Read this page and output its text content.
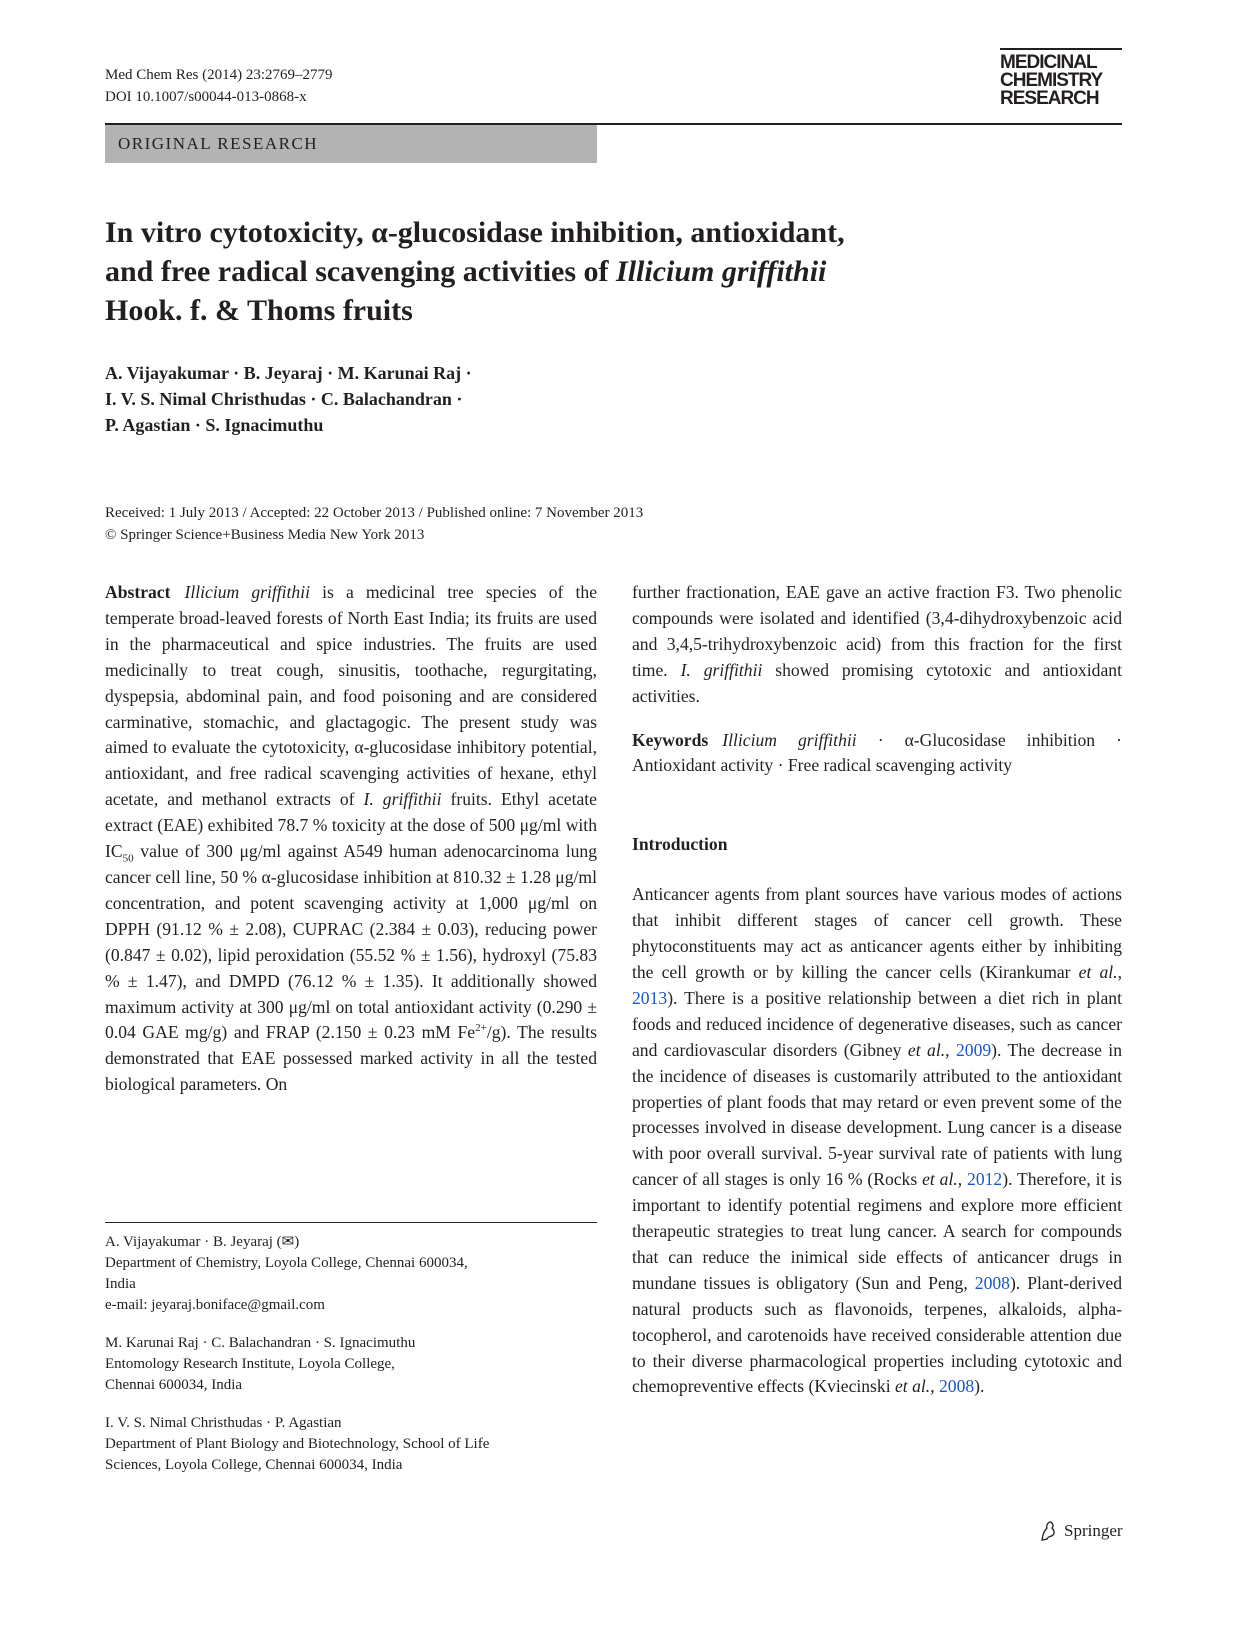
Med Chem Res (2014) 23:2769–2779
DOI 10.1007/s00044-013-0868-x
MEDICINAL
CHEMISTRY
RESEARCH
ORIGINAL RESEARCH
In vitro cytotoxicity, α-glucosidase inhibition, antioxidant,
and free radical scavenging activities of Illicium griffithii
Hook. f. & Thoms fruits
A. Vijayakumar · B. Jeyaraj · M. Karunai Raj ·
I. V. S. Nimal Christhudas · C. Balachandran ·
P. Agastian · S. Ignacimuthu
Received: 1 July 2013 / Accepted: 22 October 2013 / Published online: 7 November 2013
© Springer Science+Business Media New York 2013

Abstract Illicium griffithii is a medicinal tree species of the temperate broad-leaved forests of North East India; its fruits are used in the pharmaceutical and spice industries. The fruits are used medicinally to treat cough, sinusitis, toothache, regurgitating, dyspepsia, abdominal pain, and food poisoning and are considered carminative, stomachic, and glactagogic. The present study was aimed to evaluate the cytotoxicity, α-glucosidase inhibitory potential, antioxidant, and free radical scavenging activities of hexane, ethyl acetate, and methanol extracts of I. griffithii fruits. Ethyl acetate extract (EAE) exhibited 78.7 % toxicity at the dose of 500 μg/ml with $IC_{50}$ value of 300 μg/ml against A549 human adenocarcinoma lung cancer cell line, 50 % α-glucosidase inhibition at 810.32 ± 1.28 μg/ml concentration, and potent scavenging activity at 1,000 μg/ml on DPPH (91.12 % ± 2.08), CUPRAC (2.384 ± 0.03), reducing power (0.847 ± 0.02), lipid peroxidation (55.52 % ± 1.56), hydroxyl (75.83 % ± 1.47), and DMPD (76.12 % ± 1.35). It additionally showed maximum activity at 300 μg/ml on total antioxidant activity (0.290 ± 0.04 GAE mg/g) and FRAP (2.150 ± 0.23 mM $Fe^{2+}/g$). The results demonstrated that EAE possessed marked activity in all the tested biological parameters. On

A. Vijayakumar · B. Jeyaraj (✉)
Department of Chemistry, Loyola College, Chennai 600034,
India
e-mail: jeyaraj.boniface@gmail.com
M. Karunai Raj · C. Balachandran · S. Ignacimuthu
Entomology Research Institute, Loyola College,
Chennai 600034, India
I. V. S. Nimal Christhudas · P. Agastian
Department of Plant Biology and Biotechnology, School of Life
Sciences, Loyola College, Chennai 600034, India

further fractionation, EAE gave an active fraction F3. Two phenolic compounds were isolated and identified (3,4-dihydroxybenzoic acid and 3,4,5-trihydroxybenzoic acid) from this fraction for the first time. I. griffithii showed promising cytotoxic and antioxidant activities.

Keywords Illicium griffithii · α-Glucosidase inhibition · Antioxidant activity · Free radical scavenging activity

Introduction

Anticancer agents from plant sources have various modes of actions that inhibit different stages of cancer cell growth. These phytoconstituents may act as anticancer agents either by inhibiting the cell growth or by killing the cancer cells (Kirankumar et al., 2013). There is a positive relationship between a diet rich in plant foods and reduced incidence of degenerative diseases, such as cancer and cardiovascular disorders (Gibney et al., 2009). The decrease in the incidence of diseases is customarily attributed to the antioxidant properties of plant foods that may retard or even prevent some of the processes involved in disease development. Lung cancer is a disease with poor overall survival. 5-year survival rate of patients with lung cancer of all stages is only 16 % (Rocks et al., 2012). Therefore, it is important to identify potential regimens and explore more efficient therapeutic strategies to treat lung cancer. A search for compounds that can reduce the inimical side effects of anticancer drugs in mundane tissues is obligatory (Sun and Peng, 2008). Plant-derived natural products such as flavonoids, terpenes, alkaloids, alpha-tocopherol, and carotenoids have received considerable attention due to their diverse pharmacological properties including cytotoxic and chemopreventive effects (Kviecinski et al., 2008).

Springer
